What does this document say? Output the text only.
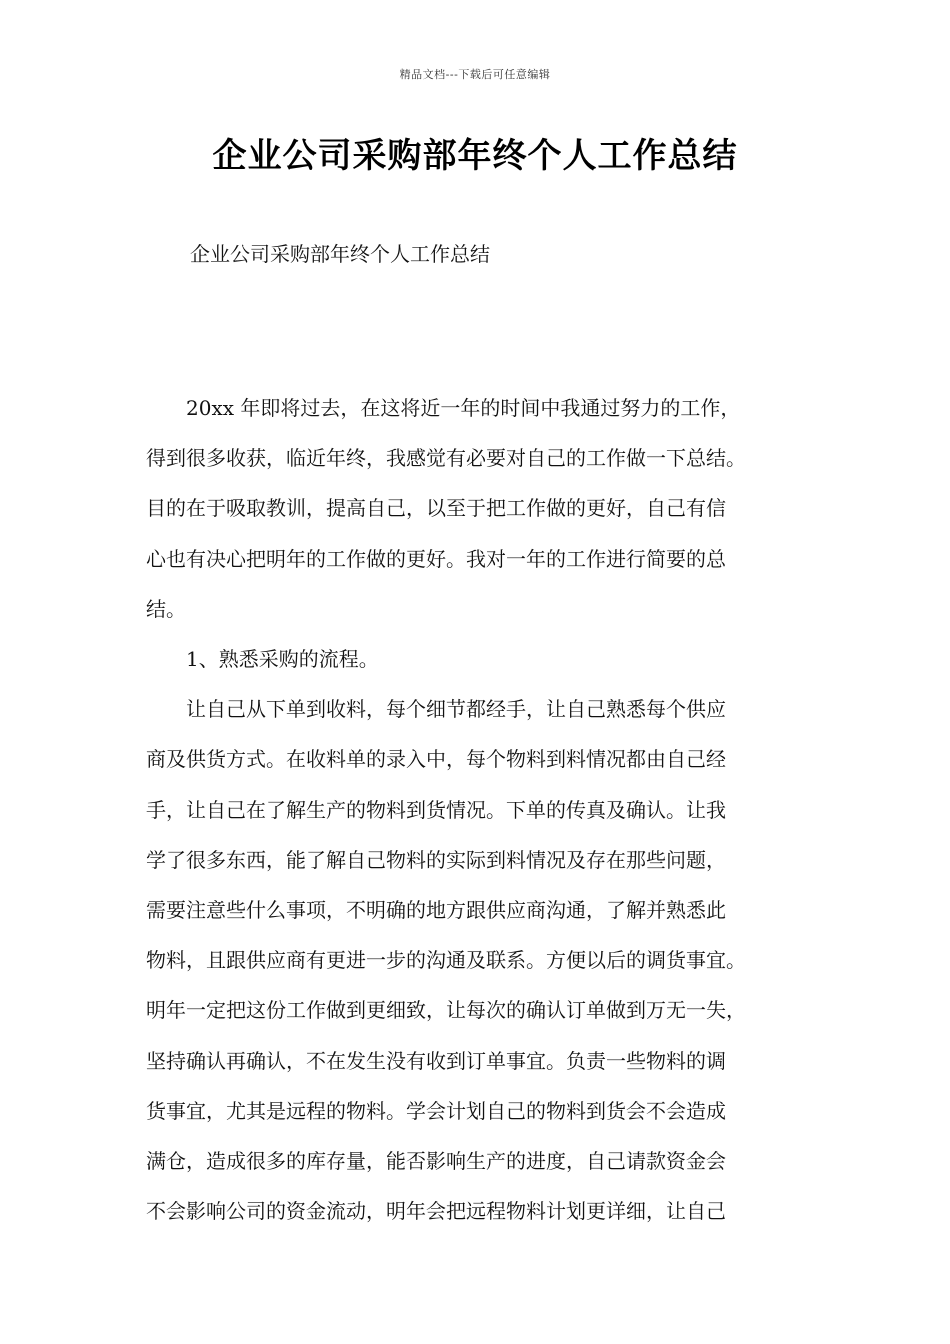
精品文档---下载后可任意编辑
企业公司采购部年终个人工作总结
企业公司采购部年终个人工作总结

20xx 年即将过去，在这将近一年的时间中我通过努力的工作，
得到很多收获，临近年终，我感觉有必要对自己的工作做一下总结。
目的在于吸取教训，提高自己，以至于把工作做的更好，自己有信
心也有决心把明年的工作做的更好。我对一年的工作进行简要的总
结。

1、熟悉采购的流程。

让自己从下单到收料，每个细节都经手，让自己熟悉每个供应
商及供货方式。在收料单的录入中，每个物料到料情况都由自己经
手，让自己在了解生产的物料到货情况。下单的传真及确认。让我
学了很多东西，能了解自己物料的实际到料情况及存在那些问题，
需要注意些什么事项，不明确的地方跟供应商沟通，了解并熟悉此
物料，且跟供应商有更进一步的沟通及联系。方便以后的调货事宜。
明年一定把这份工作做到更细致，让每次的确认订单做到万无一失，
坚持确认再确认，不在发生没有收到订单事宜。负责一些物料的调
货事宜，尤其是远程的物料。学会计划自己的物料到货会不会造成
满仓，造成很多的库存量，能否影响生产的进度，自己请款资金会
不会影响公司的资金流动，明年会把远程物料计划更详细，让自己
